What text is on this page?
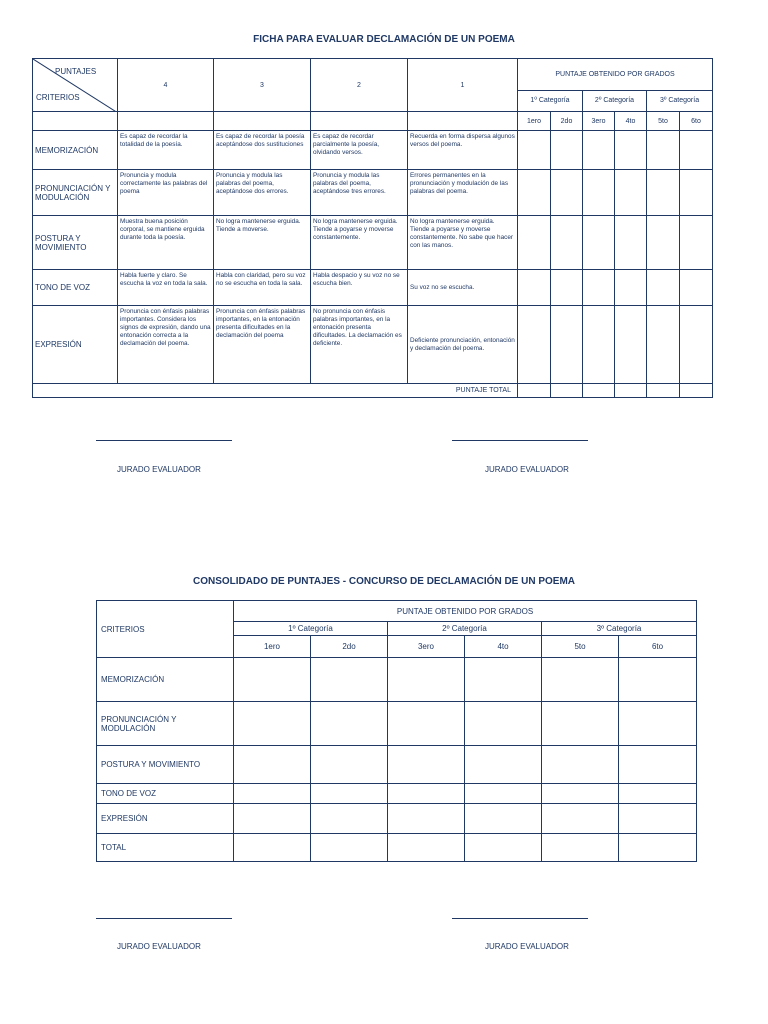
FICHA PARA EVALUAR DECLAMACIÓN DE UN POEMA
PUNTAJES
CRITERIOS	4	3	2	1	PUNTAJE OBTENIDO POR GRADOS					
					1º Categoría		2º Categoría		3º Categoría	
					1ero	2do	3ero	4to	5to	6to
MEMORIZACIÓN	Es capaz de recordar la totalidad de la poesía.	Es capaz de recordar la poesía aceptándose dos sustituciones	Es capaz de recordar parcialmente la poesía, olvidando versos.	Recuerda en forma dispersa algunos versos del poema.						
PRONUNCIACIÓN Y MODULACIÓN	Pronuncia y modula correctamente las palabras del poema	Pronuncia y modula las palabras del poema, aceptándose dos errores.	Pronuncia y modula las palabras del poema, aceptándose tres errores.	Errores permanentes en la pronunciación y modulación de las palabras del poema.						
POSTURA Y MOVIMIENTO	Muestra buena posición corporal, se mantiene erguida durante toda la poesía.	No logra mantenerse erguida. Tiende a moverse.	No logra mantenerse erguida. Tiende a poyarse y moverse constantemente.	No logra mantenerse erguida. Tiende a poyarse y moverse constantemente. No sabe que hacer con las manos.						
TONO DE VOZ	Habla fuerte y claro. Se escucha la voz en toda la sala.	Habla con claridad, pero su voz no se escucha en toda la sala.	Habla despacio y su voz no se escucha bien.	Su voz no se escucha.						
EXPRESIÓN	Pronuncia con énfasis palabras importantes. Considera los signos de expresión, dando una entonación correcta a la declamación del poema.	Pronuncia con énfasis palabras importantes, en la entonación presenta dificultades en la declamación del poema	No pronuncia con énfasis palabras importantes, en la entonación presenta dificultades. La declamación es deficiente.	Deficiente pronunciación, entonación y declamación del poema.						
PUNTAJE TOTAL										
JURADO EVALUADOR	JURADO EVALUADOR
CONSOLIDADO DE PUNTAJES - CONCURSO DE DECLAMACIÓN DE UN POEMA
CRITERIOS	PUNTAJE OBTENIDO POR GRADOS					
	1º Categoría		2º Categoría		3º Categoría	
	1ero	2do	3ero	4to	5to	6to
MEMORIZACIÓN						
PRONUNCIACIÓN Y MODULACIÓN						
POSTURA Y MOVIMIENTO						
TONO DE VOZ						
EXPRESIÓN						
TOTAL						
JURADO EVALUADOR	JURADO EVALUADOR
